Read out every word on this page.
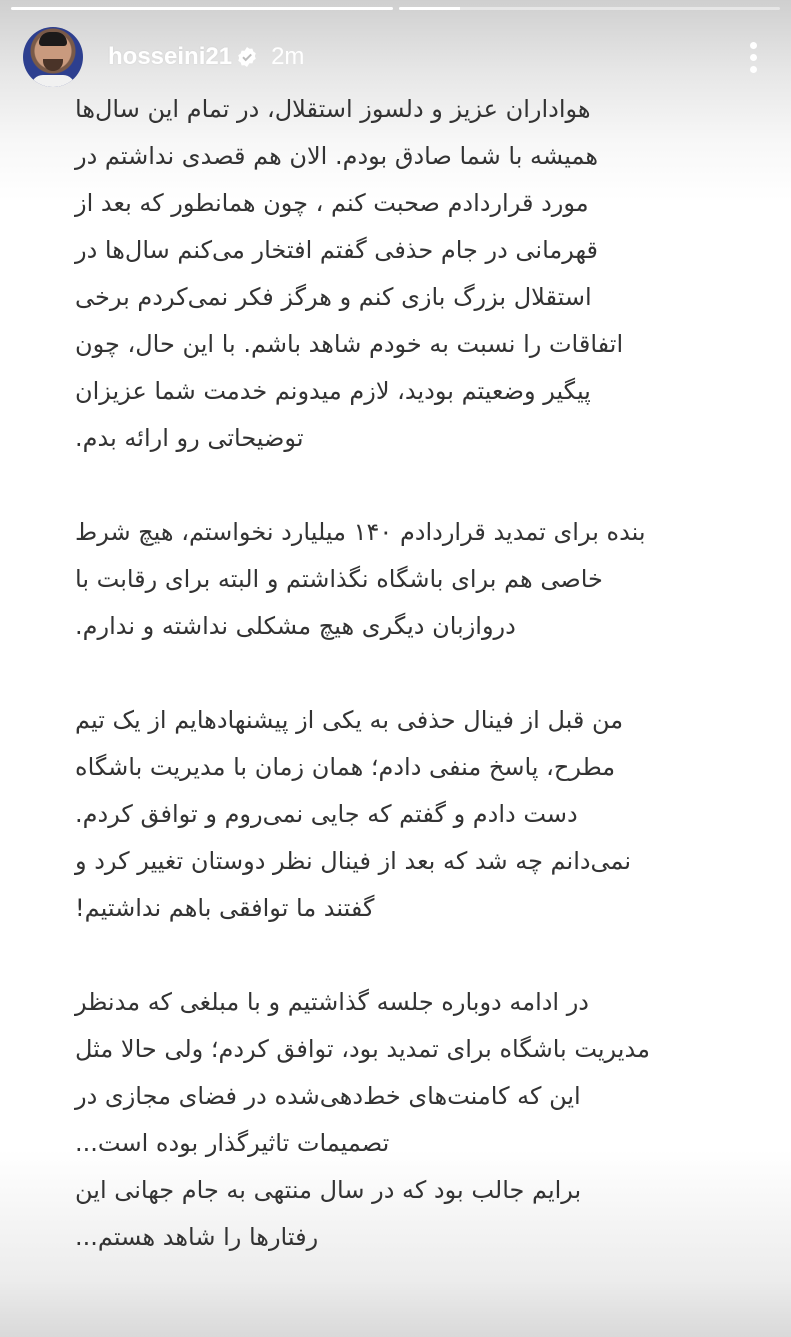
hosseini21 2m
هواداران عزیز و دلسوز استقلال، در تمام این سال‌ها
همیشه با شما صادق بودم. الان هم قصدی نداشتم در
مورد قراردادم صحبت کنم ، چون همانطور که بعد از
قهرمانی در جام حذفی گفتم افتخار می‌کنم سال‌ها در
استقلال بزرگ بازی کنم و هرگز فکر نمی‌کردم برخی
اتفاقات را نسبت به خودم شاهد باشم. با این حال، چون
پیگیر وضعیتم بودید، لازم میدونم خدمت شما عزیزان
.توضیحاتی رو ارائه بدم
بنده برای تمدید قراردادم ۱۴۰ میلیارد نخواستم، هیچ شرط
خاصی هم برای باشگاه نگذاشتم و البته برای رقابت با
.دروازبان دیگری هیچ مشکلی نداشته و ندارم
من قبل از فینال حذفی به یکی از پیشنهادهایم از یک تیم
مطرح، پاسخ منفی دادم؛ همان زمان با مدیریت باشگاه
.دست دادم و گفتم که جایی نمی‌روم و توافق کردم
نمی‌دانم چه شد که بعد از فینال نظر دوستان تغییر کرد و
!گفتند ما توافقی باهم نداشتیم
در ادامه دوباره جلسه گذاشتیم و با مبلغی که مدنظر
مدیریت باشگاه برای تمدید بود، توافق کردم؛ ولی حالا مثل
این که کامنت‌های خط‌دهی‌شده در فضای مجازی در
...تصمیمات تاثیرگذار بوده است
برایم جالب بود که در سال منتهی به جام جهانی این
...رفتارها را شاهد هستم
